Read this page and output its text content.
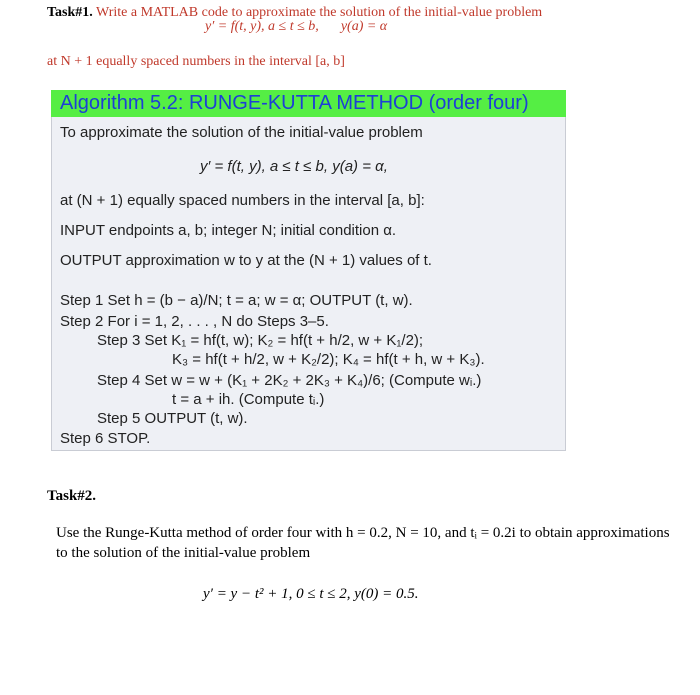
Task#1. Write a MATLAB code to approximate the solution of the initial-value problem
y′ = f(t, y), a ≤ t ≤ b, y(a) = α
at N + 1 equally spaced numbers in the interval [a, b]
Algorithm 5.2: RUNGE-KUTTA METHOD (order four)
To approximate the solution of the initial-value problem
y′ = f(t, y), a ≤ t ≤ b, y(a) = α,
at (N + 1) equally spaced numbers in the interval [a, b]:
INPUT endpoints a, b; integer N; initial condition α.
OUTPUT approximation w to y at the (N + 1) values of t.
Step 1 Set h = (b − a)/N; t = a; w = α; OUTPUT (t, w).
Step 2 For i = 1, 2, . . . , N do Steps 3–5.
Step 3 Set K₁ = hf(t, w); K₂ = hf(t + h/2, w + K₁/2);
K₃ = hf(t + h/2, w + K₂/2); K₄ = hf(t + h, w + K₃).
Step 4 Set w = w + (K₁ + 2K₂ + 2K₃ + K₄)/6; (Compute wᵢ.)
t = a + ih. (Compute tᵢ.)
Step 5 OUTPUT (t, w).
Step 6 STOP.
Task#2.
Use the Runge-Kutta method of order four with h = 0.2, N = 10, and tᵢ = 0.2i to obtain approximations to the solution of the initial-value problem
y′ = y − t² + 1, 0 ≤ t ≤ 2, y(0) = 0.5.
